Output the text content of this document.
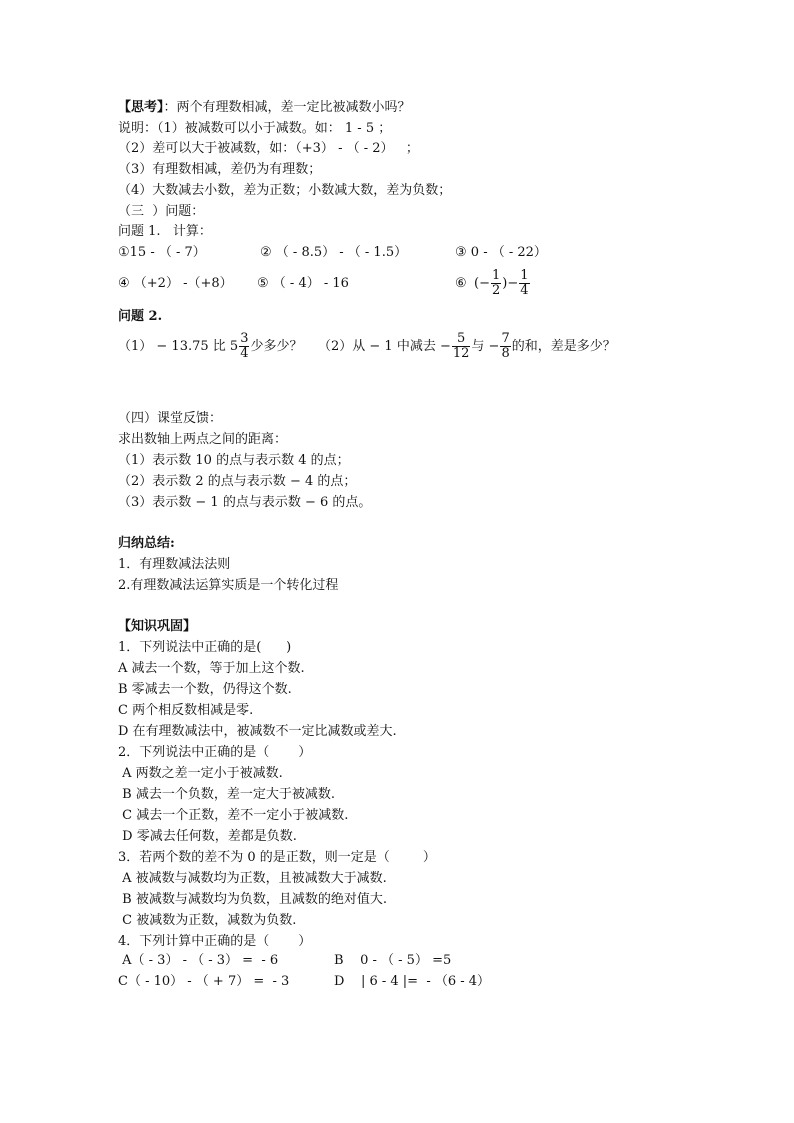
【思考】：两个有理数相减，差一定比被减数小吗？
说明：（1）被减数可以小于减数。如： 1 - 5 ；
（2）差可以大于被减数，如：（+3） - （ - 2）   ；
（3）有理数相减，差仍为有理数；
（4）大数减去小数，差为正数；小数减大数，差为负数；
（三  ）问题：
问题 1.   计算：
①15 - （ - 7）	② （ - 8.5） - （ - 1.5）	③ 0 - （ - 22）
④ （+2） -（+8） ⑤ （ - 4） - 16	⑥ (− $\frac{1}{2}$ )− $\frac{1}{4}$
问题 2.
（1） − 13.75 比 $5 \frac{3}{4}$ 少多少？ （2）从 − 1 中减去 − $\frac{5}{12}$ 与 − $\frac{7}{8}$ 的和，差是多少？
（四）课堂反馈：
求出数轴上两点之间的距离：
（1）表示数 10 的点与表示数 4 的点；
（2）表示数 2 的点与表示数 − 4 的点；
（3）表示数 − 1 的点与表示数 − 6 的点。
归纳总结:
1．有理数减法法则
2.有理数减法运算实质是一个转化过程
【知识巩固】
1．下列说法中正确的是(      )
A 减去一个数，等于加上这个数.
B 零减去一个数，仍得这个数.
C 两个相反数相减是零.
D 在有理数减法中，被减数不一定比减数或差大.
2．下列说法中正确的是（       ）
A 两数之差一定小于被减数.
B 减去一个负数，差一定大于被减数.
C 减去一个正数，差不一定小于被减数.
D 零减去任何数，差都是负数.
3．若两个数的差不为 0 的是正数，则一定是（        ）
A 被减数与减数均为正数，且被减数大于减数.
B 被减数与减数均为负数，且减数的绝对值大.
C 被减数为正数，减数为负数.
4．下列计算中正确的是（       ）
A（ - 3） - （ - 3） =  - 6	B    0 - （ - 5） =5
C（ - 10） - （ + 7） =  - 3	D    | 6 - 4 |=  - （6 - 4）
